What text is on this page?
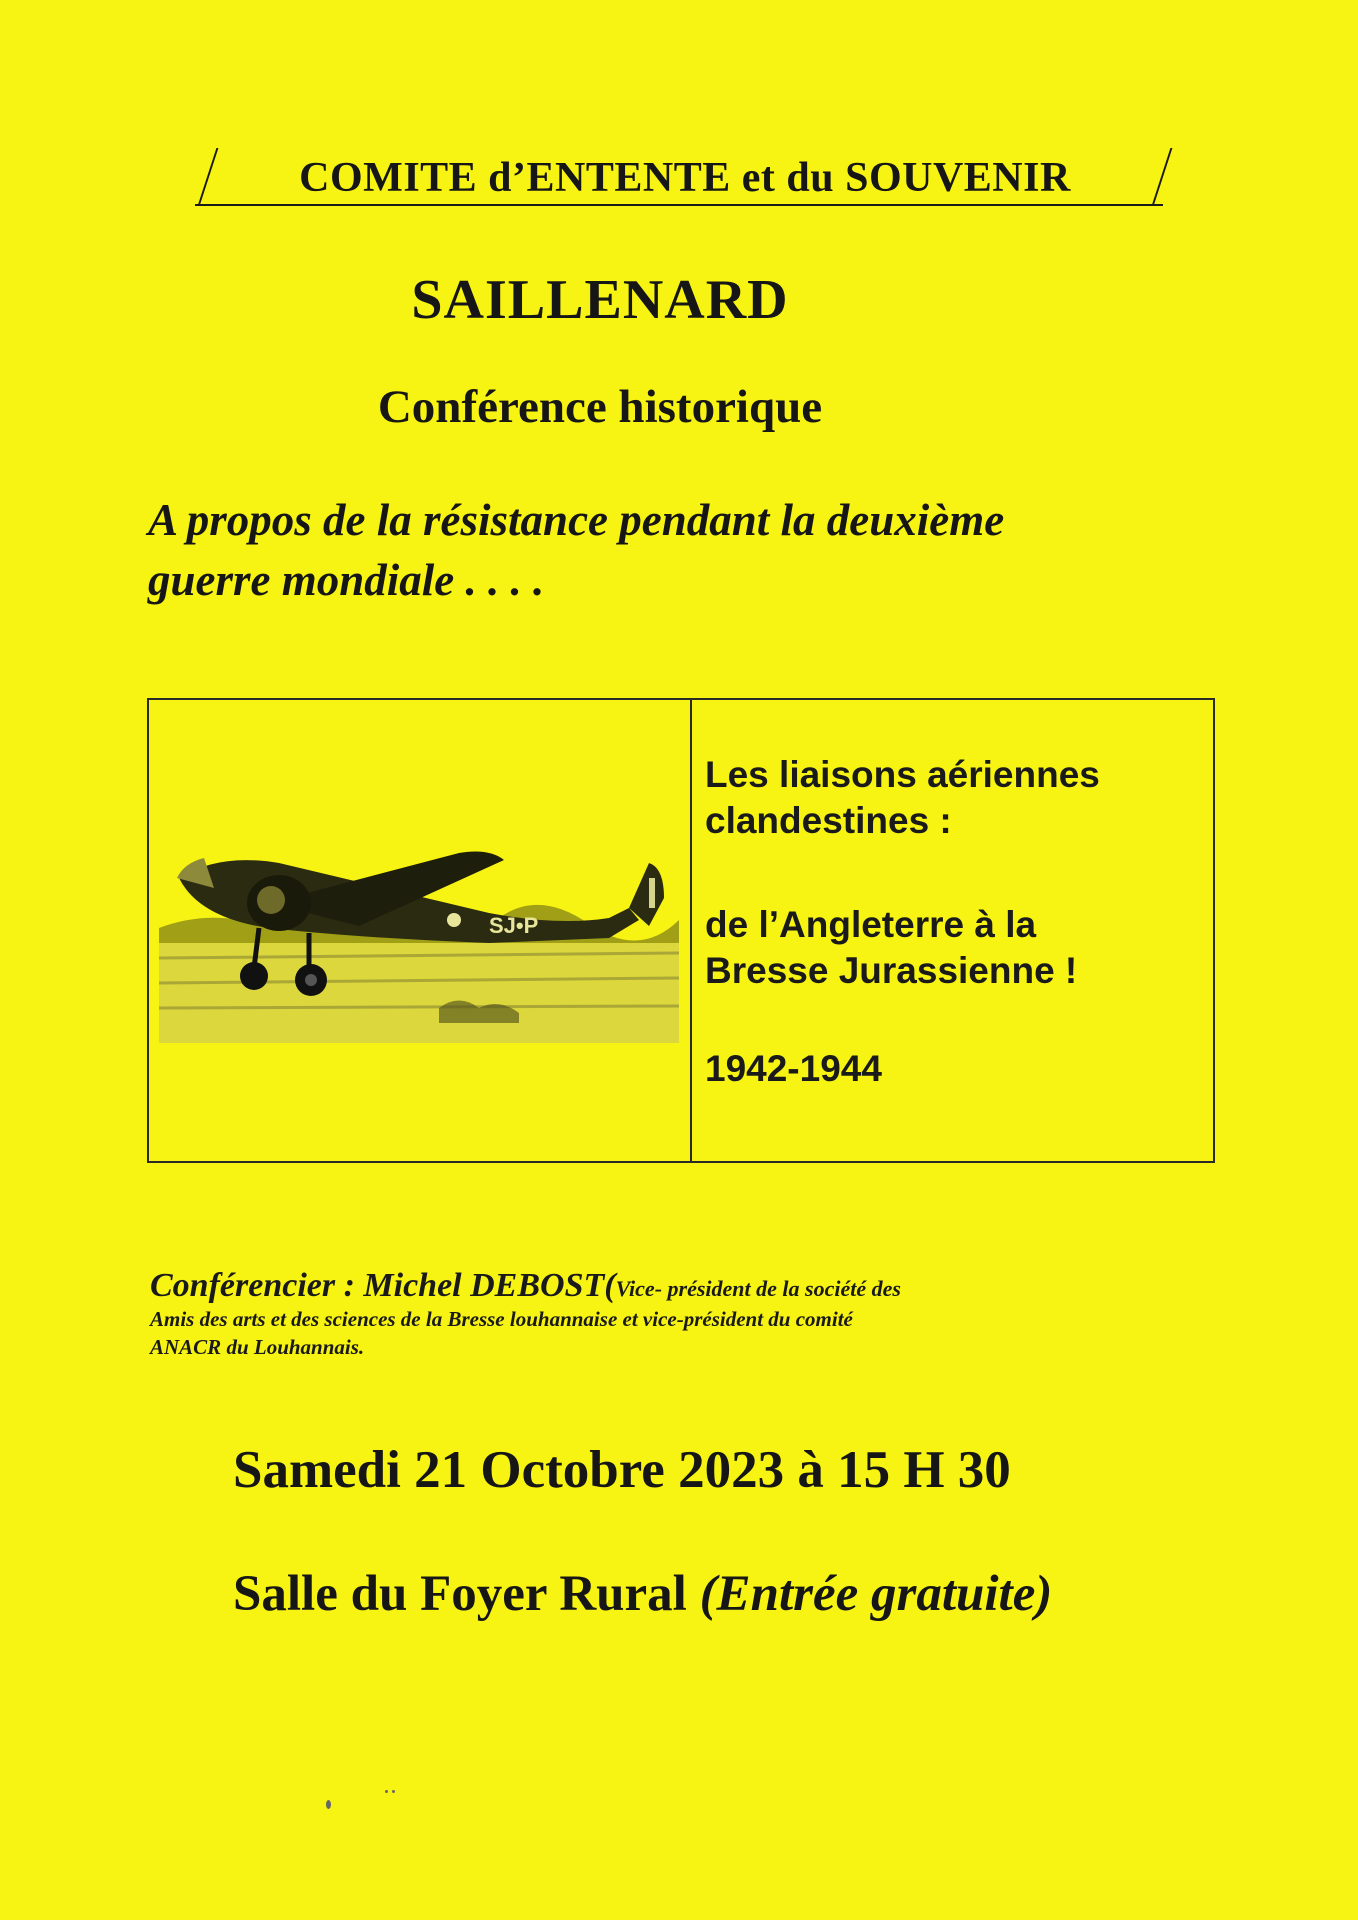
COMITE d’ENTENTE et du SOUVENIR
SAILLENARD
Conférence historique
A propos de la résistance pendant la deuxième
guerre mondiale . . . .
SJ•P
Les liaisons aériennes
clandestines :
de l’Angleterre à la
Bresse Jurassienne !
1942-1944
Conférencier : Michel DEBOST(Vice- président de la société des
Amis des arts et des sciences de la Bresse louhannaise et vice-président du comité
ANACR du Louhannais.
Samedi 21 Octobre 2023 à 15 H 30
Salle du Foyer Rural (Entrée gratuite)
